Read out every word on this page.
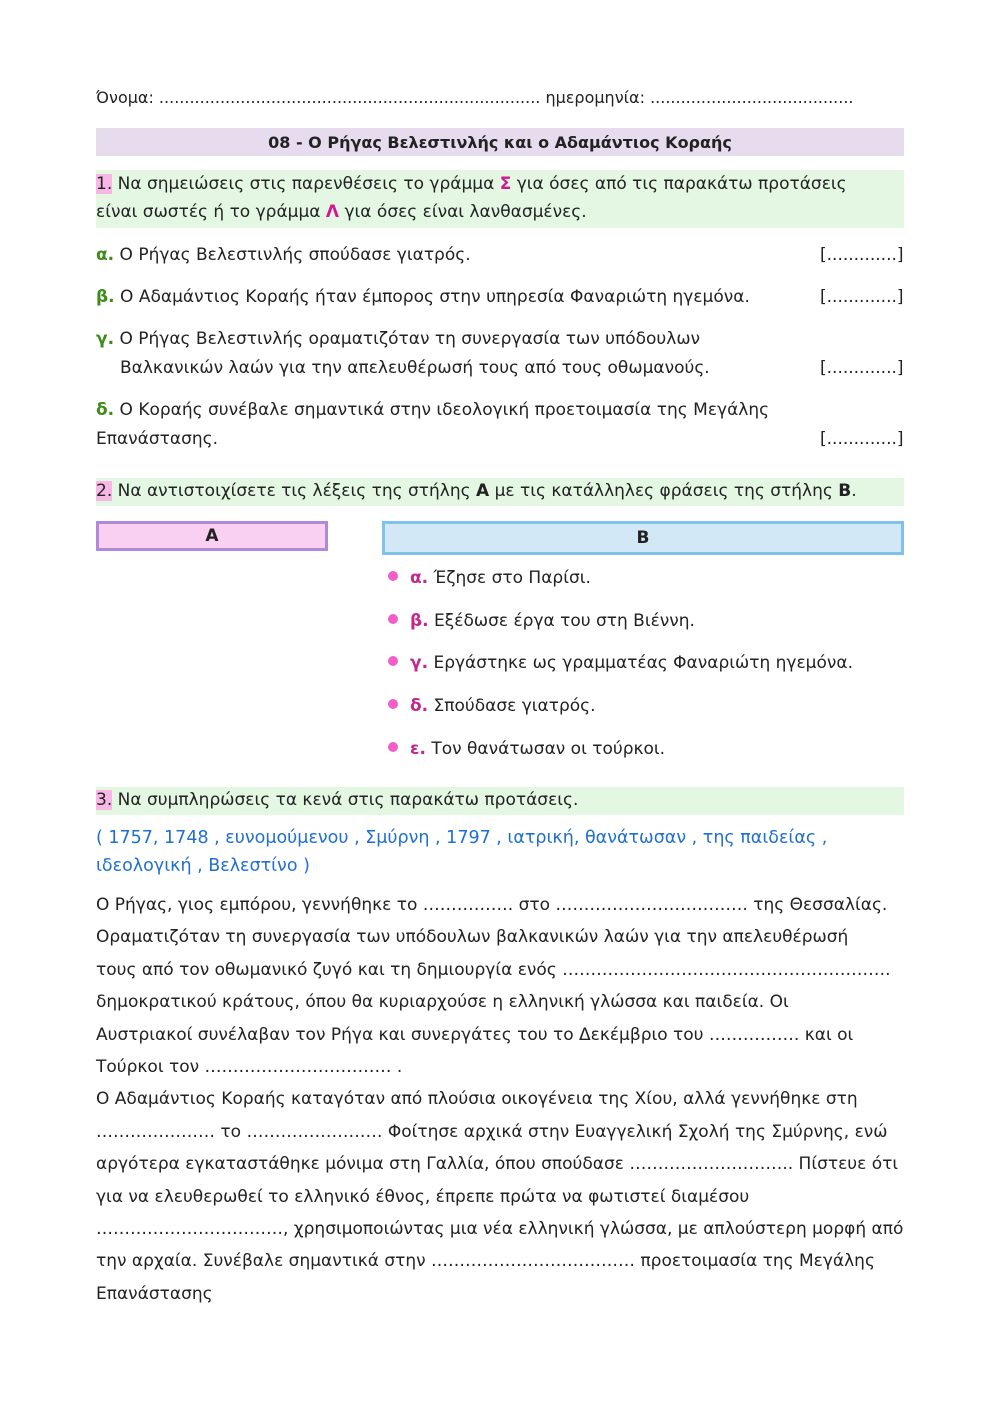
Όνομα: ........................................................................... ημερομηνία: ........................................
08 - Ο Ρήγας Βελεστινλής και ο Αδαμάντιος Κοραής
1. Να σημειώσεις στις παρενθέσεις το γράμμα Σ για όσες από τις παρακάτω προτάσεις
είναι σωστές ή το γράμμα Λ για όσες είναι λανθασμένες.
α. Ο Ρήγας Βελεστινλής σπούδασε γιατρός.	[.............]
β. Ο Αδαμάντιος Κοραής ήταν έμπορος στην υπηρεσία Φαναριώτη ηγεμόνα.	[.............]
γ. Ο Ρήγας Βελεστινλής οραματιζόταν τη συνεργασία των υπόδουλων
Βαλκανικών λαών για την απελευθέρωσή τους από τους οθωμανούς.	[.............]
δ. Ο Κοραής συνέβαλε σημαντικά στην ιδεολογική προετοιμασία της Μεγάλης
Επανάστασης.	[.............]
2. Να αντιστοιχίσετε τις λέξεις της στήλης Α με τις κατάλληλες φράσεις της στήλης Β.
Α	Β
α. Έζησε στο Παρίσι.
β. Εξέδωσε έργα του στη Βιέννη.
γ. Εργάστηκε ως γραμματέας Φαναριώτη ηγεμόνα.
δ. Σπούδασε γιατρός.
ε. Τον θανάτωσαν οι τούρκοι.
3. Να συμπληρώσεις τα κενά στις παρακάτω προτάσεις.
( 1757, 1748 , ευνομούμενου , Σμύρνη , 1797 , ιατρική, θανάτωσαν , της παιδείας ,
ιδεολογική , Βελεστίνο )
Ο Ρήγας, γιος εμπόρου, γεννήθηκε το ……………. στο ……………………………. της Θεσσαλίας.
Οραματιζόταν τη συνεργασία των υπόδουλων βαλκανικών λαών για την απελευθέρωσή
τους από τον οθωμανικό ζυγό και τη δημιουργία ενός ………………………………………………….
δημοκρατικού κράτους, όπου θα κυριαρχούσε η ελληνική γλώσσα και παιδεία. Οι
Αυστριακοί συνέλαβαν τον Ρήγα και συνεργάτες του το Δεκέμβριο του ……………. και οι
Τούρκοι τον …………………………… .
Ο Αδαμάντιος Κοραής καταγόταν από πλούσια οικογένεια της Χίου, αλλά γεννήθηκε στη
………………… το …………………… Φοίτησε αρχικά στην Ευαγγελική Σχολή της Σμύρνης, ενώ
αργότερα εγκαταστάθηκε μόνιμα στη Γαλλία, όπου σπούδασε ……………………….. Πίστευε ότι
για να ελευθερωθεί το ελληνικό έθνος, έπρεπε πρώτα να φωτιστεί διαμέσου
……………………………, χρησιμοποιώντας μια νέα ελληνική γλώσσα, με απλούστερη μορφή από
την αρχαία. Συνέβαλε σημαντικά στην ……………………………… προετοιμασία της Μεγάλης
Επανάστασης
